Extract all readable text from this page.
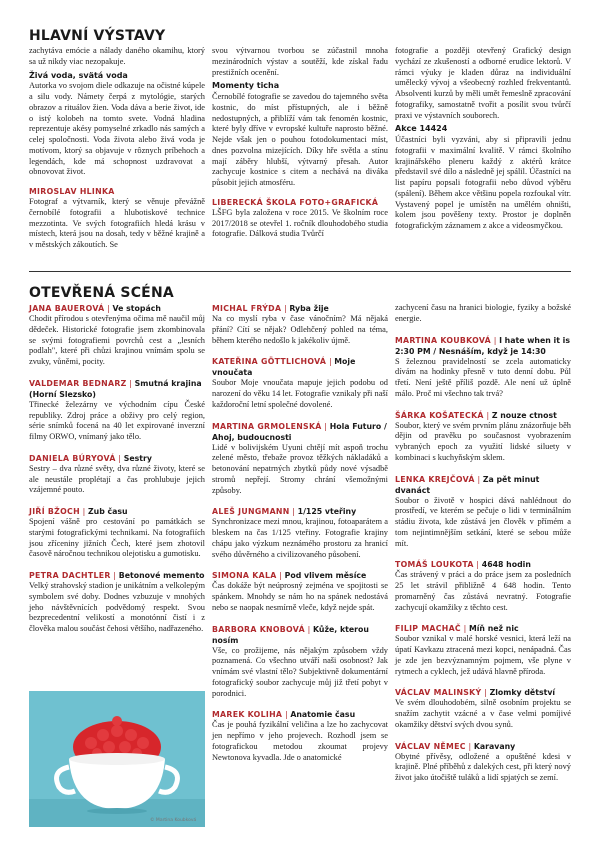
HLAVNÍ VÝSTAVY

zachytáva emócie a nálady daného okamihu, ktorý sa už nikdy viac nezopakuje.

Živá voda, svätá voda

Autorka vo svojom diele odkazuje na očistné kúpele a silu vody. Námety čerpá z mytológie, starých obrazov a rituálov žien. Voda dáva a berie život, ide o istý kolobeh na tomto svete. Vodná hladina reprezentuje akésy pomyselné zrkadlo nás samých a celej spoločnosti. Voda života alebo živá voda je motívom, ktorý sa objavuje v rôznych príbehoch a legendách, kde má schopnost uzdravovat a obnovovat život.

MIROSLAV HLINKA

Fotograf a výtvarník, který se věnuje převážně černobílé fotografii a hlubotiskové technice mezzotinta. Ve svých fotografiích hledá krásu v místech, která jsou na dosah, tedy v běžné krajině a v městských zákoutích. Se

svou výtvarnou tvorbou se zúčastnil mnoha mezinárodních výstav a soutěží, kde získal řadu prestižních ocenění.

Momenty ticha

Černobílé fotografie se zavedou do tajemného světa kostnic, do míst přístupných, ale i běžně nedostupných, a přiblíží vám tak fenomén kostnic, které byly dříve v evropské kultuře naprosto běžné. Nejde však jen o pouhou fotodokumentaci míst, dnes pozvolna mizejících. Díky hře světla a stínu mají záběry hlubší, výtvarný přesah. Autor zachycuje kostnice s citem a nechává na diváka působit jejich atmosféru.

LIBERECKÁ ŠKOLA FOTO+GRAFICKÁ

LŠFG byla založena v roce 2015. Ve školním roce 2017/2018 se otevřel 1. ročník dlouhodobého studia fotografie. Dálková studia Tvůrčí

fotografie a později otevřený Grafický design vychází ze zkušeností a odborné erudice lektorů. V rámci výuky je kladen důraz na individuální umělecký vývoj a všeobecný rozhled frekventantů. Absolventi kurzů by měli umět řemeslně zpracování fotografiky, samostatně tvořit a posílit svou tvůrčí praxi ve výstavních souborech.

Akce 14424

Účastníci byli vyzváni, aby si připravili jednu fotografii v maximální kvalitě. V rámci školního krajinářského pleneru každý z aktérů krátce představil své dílo a následně jej spálil. Účastníci na list papíru popsali fotografii nebo důvod výběru (spálení). Během akce většinu popela rozfoukal vítr. Vystavený popel je umístěn na umělém ohništi, kolem jsou pověšeny texty. Prostor je doplněn fotografickým záznamem z akce a videosmyčkou.

OTEVŘENÁ SCÉNA
JANA BAUEROVÁ | Ve stopách

Chodit přírodou s otevřenýma očima mě naučil můj dědeček. Historické fotografie jsem zkombinovala se svými fotografiemi povrchů cest a „lesních podlah", které při chůzi krajinou vnímám spolu se zvuky, vůněmi, pocity.

VALDEMAR BEDNARZ | Smutná krajina (Horní Slezsko)

Třinecké železárny ve východním cípu České republiky. Zdroj práce a obživy pro celý region, série snímků focená na 40 let expirované inverzní filmy ORWO, vnímaný jako tělo.

DANIELA BÚRYOVÁ | Sestry

Sestry – dva různé světy, dva různé životy, které se ale neustále proplétají a čas prohlubuje jejich vzájemné pouto.

JIŘÍ BŽOCH | Zub času

Spojení vášně pro cestování po památkách se starými fotografickými technikami. Na fotografiích jsou zříceniny jižních Čech, které jsem zhotovil časově náročnou technikou olejotisku a gumotisku.

PETRA DACHTLER | Betonové memento

Velký strahovský stadion je unikátním a velkolepým symbolem své doby. Dodnes vzbuzuje v mnohých jeho návštěvnících podvědomý respekt. Svou bezprecedentní velikostí a monotónní čistí i z člověka malou součást čehosi většího, nadřazeného.

© Martina Koubková
MICHAL FRÝDA | Ryba žije

Na co myslí ryba v čase vánočním? Má nějaká přání? Cítí se nějak? Odlehčený pohled na téma, během kterého nedošlo k jakékoliv újmě.

KATEŘINA GÖTTLICHOVÁ | Moje vnoučata

Soubor Moje vnoučata mapuje jejich podobu od narození do věku 14 let. Fotografie vznikaly při naší každoroční letní společné dovolené.

MARTINA GRMOLENSKÁ | Hola Futuro / Ahoj, budoucnosti

Lidé v bolivijském Uyuni chtějí mít aspoň trochu zelené město, třebaže provoz těžkých nákladáků a betonování nepatrných zbytků půdy nové výsadbě stromů nepřejí. Stromy chrání všemožnými způsoby.

ALEŠ JUNGMANN | 1/125 vteřiny

Synchronizace mezi mnou, krajinou, fotoaparátem a bleskem na čas 1/125 vteřiny. Fotografie krajiny chápu jako výzkum neznámého prostoru za hranicí svého důvěrného a civilizovaného působení.

SIMONA KALA | Pod vlivem měsíce

Čas dokáže být neúprosný zejména ve spojitosti se spánkem. Mnohdy se nám ho na spánek nedostává nebo se naopak nesmírně vleče, když nejde spát.

BARBORA KNOBOVÁ | Kůže, kterou nosím

Vše, co prožijeme, nás nějakým způsobem vždy poznamená. Co všechno utváří naši osobnost? Jak vnímám své vlastní tělo? Subjektivně dokumentární fotografický soubor zachycuje můj již třetí pobyt v porodnici.

MAREK KOLIHA | Anatomie času

Čas je pouhá fyzikální veličina a lze ho zachycovat jen nepřímo v jeho projevech. Rozhodl jsem se fotografickou metodou zkoumat projevy Newtonova kyvadla. Jde o anatomické

zachycení času na hranici biologie, fyziky a božské energie.

MARTINA KOUBKOVÁ | I hate when it is 2:30 PM / Nesnáším, když je 14:30

S železnou pravidelností se zcela automaticky dívám na hodinky přesně v tuto denní dobu. Půl třetí. Není ještě příliš pozdě. Ale není už úplně málo. Proč mi všechno tak trvá?

ŠÁRKA KOŠATECKÁ | Z nouze ctnost

Soubor, který ve svém prvním plánu znázorňuje běh dějin od pravěku po současnost vyobrazením vybraných epoch za využití lidské siluety v kombinaci s kuchyňským sklem.

LENKA KREJČOVÁ | Za pět minut dvanáct

Soubor o životě v hospici dává nahlédnout do prostředí, ve kterém se pečuje o lidi v terminálním stádiu života, kde zůstává jen člověk v přímém a tom nejintimnějším setkání, které se sebou může mít.

TOMÁŠ LOUKOTA | 4648 hodin

Čas strávený v práci a do práce jsem za posledních 25 let strávil přibližně 4 648 hodin. Tento promarněný čas zůstává nevratný. Fotografie zachycují okamžiky z těchto cest.

FILIP MACHAČ | Míň než nic

Soubor vznikal v malé horské vesnici, která leží na úpatí Kavkazu ztracená mezi kopci, nenápadná. Čas je zde jen bezvýznamným pojmem, vše plyne v rytmech a cyklech, jež udává hlavně příroda.

VÁCLAV MALINSKÝ | Zlomky dětství

Ve svém dlouhodobém, silně osobním projektu se snažím zachytit vzácné a v čase velmi pomíjivé okamžiky dětství svých dvou synů.

VÁCLAV NĚMEC | Karavany

Obytné přívěsy, odložené a opuštěné kdesi v krajině. Plné příběhů z dalekých cest, při který nový život jako útočiště tuláků a lidí spjatých se zemí.
